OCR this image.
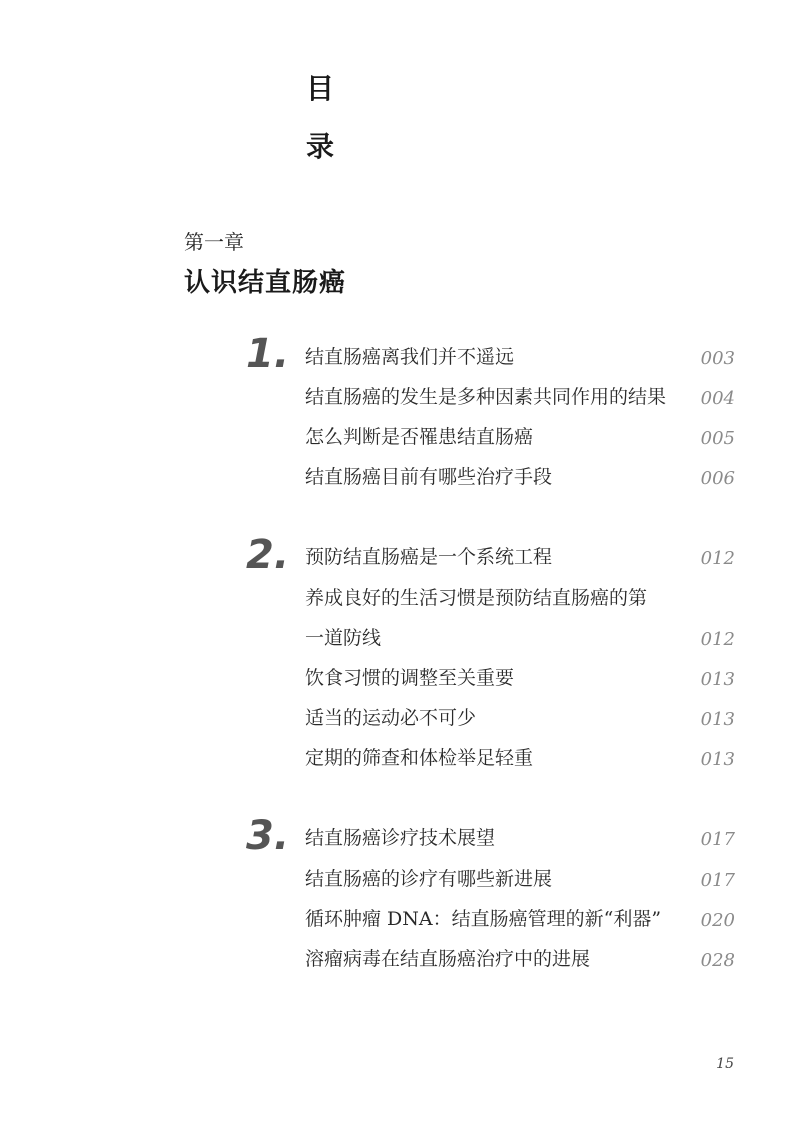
目
录
第一章
认识结直肠癌
1. 结直肠癌离我们并不遥远	003
结直肠癌的发生是多种因素共同作用的结果 004
怎么判断是否罹患结直肠癌	005
结直肠癌目前有哪些治疗手段	006
2. 预防结直肠癌是一个系统工程	012
养成良好的生活习惯是预防结直肠癌的第
一道防线	012
饮食习惯的调整至关重要	013
适当的运动必不可少	013
定期的筛查和体检举足轻重	013
3. 结直肠癌诊疗技术展望	017
结直肠癌的诊疗有哪些新进展	017
循环肿瘤 DNA：结直肠癌管理的新“利器” 020
溶瘤病毒在结直肠癌治疗中的进展	028
15
